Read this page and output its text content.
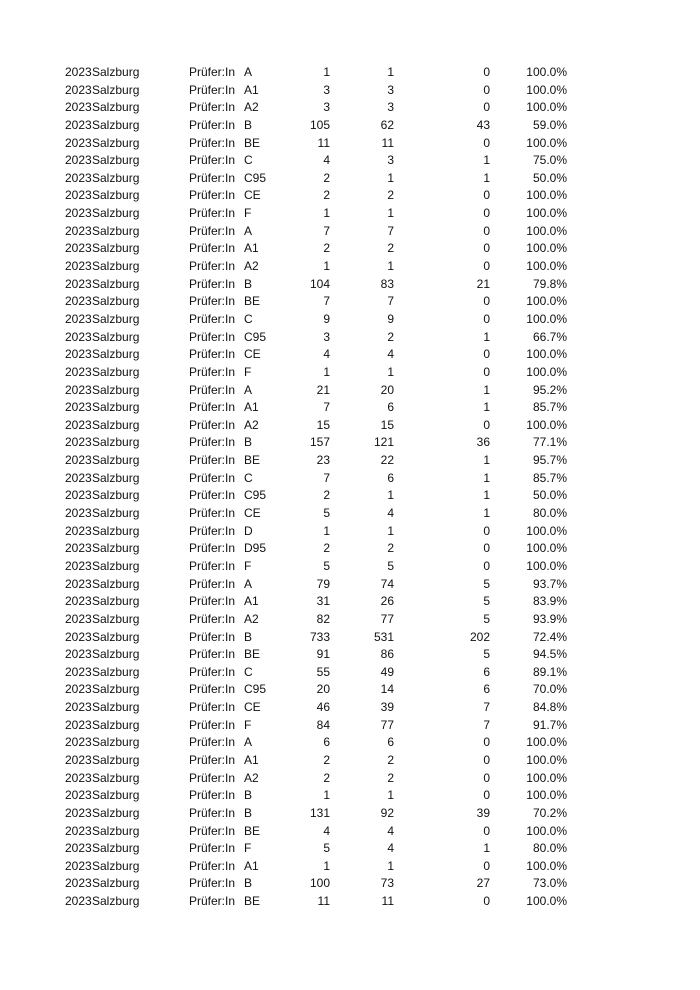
2023 Salzburg	Prüfer:In A	1	1	0	100.0%
2023 Salzburg	Prüfer:In A1	3	3	0	100.0%
2023 Salzburg	Prüfer:In A2	3	3	0	100.0%
2023 Salzburg	Prüfer:In B	105	62	43	59.0%
2023 Salzburg	Prüfer:In BE	11	11	0	100.0%
2023 Salzburg	Prüfer:In C	4	3	1	75.0%
2023 Salzburg	Prüfer:In C95	2	1	1	50.0%
2023 Salzburg	Prüfer:In CE	2	2	0	100.0%
2023 Salzburg	Prüfer:In F	1	1	0	100.0%
2023 Salzburg	Prüfer:In A	7	7	0	100.0%
2023 Salzburg	Prüfer:In A1	2	2	0	100.0%
2023 Salzburg	Prüfer:In A2	1	1	0	100.0%
2023 Salzburg	Prüfer:In B	104	83	21	79.8%
2023 Salzburg	Prüfer:In BE	7	7	0	100.0%
2023 Salzburg	Prüfer:In C	9	9	0	100.0%
2023 Salzburg	Prüfer:In C95	3	2	1	66.7%
2023 Salzburg	Prüfer:In CE	4	4	0	100.0%
2023 Salzburg	Prüfer:In F	1	1	0	100.0%
2023 Salzburg	Prüfer:In A	21	20	1	95.2%
2023 Salzburg	Prüfer:In A1	7	6	1	85.7%
2023 Salzburg	Prüfer:In A2	15	15	0	100.0%
2023 Salzburg	Prüfer:In B	157	121	36	77.1%
2023 Salzburg	Prüfer:In BE	23	22	1	95.7%
2023 Salzburg	Prüfer:In C	7	6	1	85.7%
2023 Salzburg	Prüfer:In C95	2	1	1	50.0%
2023 Salzburg	Prüfer:In CE	5	4	1	80.0%
2023 Salzburg	Prüfer:In D	1	1	0	100.0%
2023 Salzburg	Prüfer:In D95	2	2	0	100.0%
2023 Salzburg	Prüfer:In F	5	5	0	100.0%
2023 Salzburg	Prüfer:In A	79	74	5	93.7%
2023 Salzburg	Prüfer:In A1	31	26	5	83.9%
2023 Salzburg	Prüfer:In A2	82	77	5	93.9%
2023 Salzburg	Prüfer:In B	733	531	202	72.4%
2023 Salzburg	Prüfer:In BE	91	86	5	94.5%
2023 Salzburg	Prüfer:In C	55	49	6	89.1%
2023 Salzburg	Prüfer:In C95	20	14	6	70.0%
2023 Salzburg	Prüfer:In CE	46	39	7	84.8%
2023 Salzburg	Prüfer:In F	84	77	7	91.7%
2023 Salzburg	Prüfer:In A	6	6	0	100.0%
2023 Salzburg	Prüfer:In A1	2	2	0	100.0%
2023 Salzburg	Prüfer:In A2	2	2	0	100.0%
2023 Salzburg	Prüfer:In B	1	1	0	100.0%
2023 Salzburg	Prüfer:In B	131	92	39	70.2%
2023 Salzburg	Prüfer:In BE	4	4	0	100.0%
2023 Salzburg	Prüfer:In F	5	4	1	80.0%
2023 Salzburg	Prüfer:In A1	1	1	0	100.0%
2023 Salzburg	Prüfer:In B	100	73	27	73.0%
2023 Salzburg	Prüfer:In BE	11	11	0	100.0%
